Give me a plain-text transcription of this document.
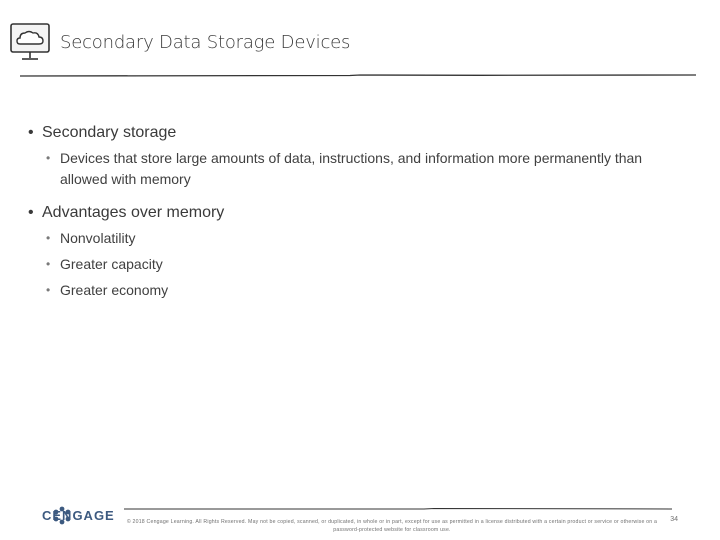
Secondary Data Storage Devices
• Secondary storage
• Devices that store large amounts of data, instructions, and information more permanently than allowed with memory
• Advantages over memory
• Nonvolatility
• Greater capacity
• Greater economy
CENGAGE	© 2018 Cengage Learning. All Rights Reserved. May not be copied, scanned, or duplicated, in whole or in part, except for use as permitted in a license distributed with a certain product or service or otherwise on a password-protected website for classroom use.
34
